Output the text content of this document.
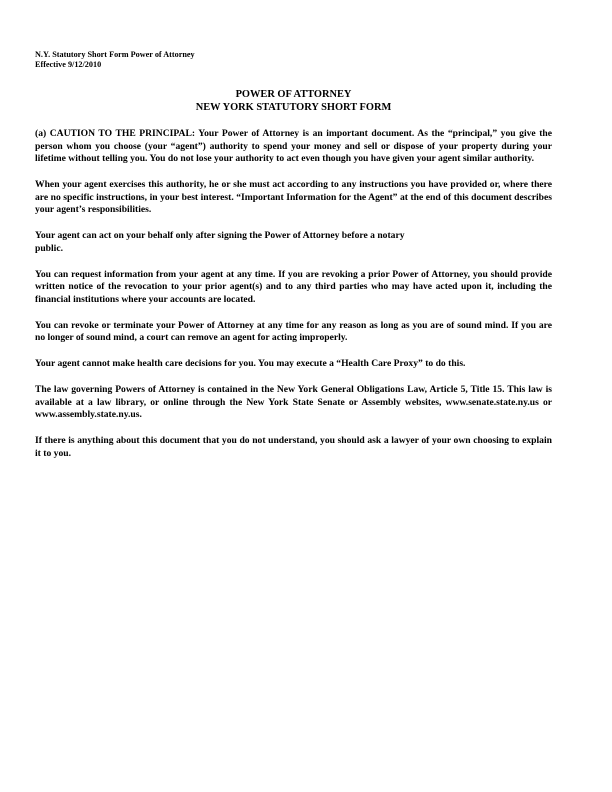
N.Y. Statutory Short Form Power of Attorney

Effective 9/12/2010

POWER OF ATTORNEY
NEW YORK STATUTORY SHORT FORM

(a) CAUTION TO THE PRINCIPAL: Your Power of Attorney is an important document. As the “principal,” you give the person whom you choose (your “agent”) authority to spend your money and sell or dispose of your property during your lifetime without telling you. You do not lose your authority to act even though you have given your agent similar authority.

When your agent exercises this authority, he or she must act according to any instructions you have provided or, where there are no specific instructions, in your best interest. “Important Information for the Agent” at the end of this document describes your agent’s responsibilities.

Your agent can act on your behalf only after signing the Power of Attorney before a notary
public.

You can request information from your agent at any time. If you are revoking a prior Power of Attorney, you should provide written notice of the revocation to your prior agent(s) and to any third parties who may have acted upon it, including the financial institutions where your accounts are located.

You can revoke or terminate your Power of Attorney at any time for any reason as long as you are of sound mind. If you are no longer of sound mind, a court can remove an agent for acting improperly.

Your agent cannot make health care decisions for you. You may execute a “Health Care Proxy” to do this.

The law governing Powers of Attorney is contained in the New York General Obligations Law, Article 5, Title 15. This law is available at a law library, or online through the New York State Senate or Assembly websites, www.senate.state.ny.us or www.assembly.state.ny.us.

If there is anything about this document that you do not understand, you should ask a lawyer of your own choosing to explain it to you.
